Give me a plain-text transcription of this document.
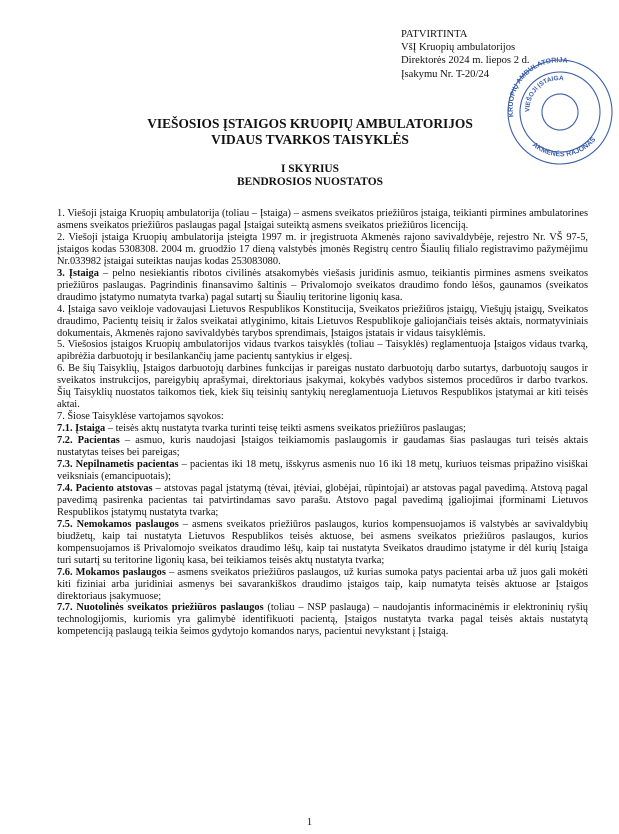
PATVIRTINTA
VšĮ Kruopių ambulatorijos
Direktorės 2024 m. liepos 2 d.
Įsakymu Nr. T-20/24
KRUOPIŲ AMBULATORIJA
VIEŠOJI ĮSTAIGA
AKMENĖS RAJONAS
VIEŠOSIOS ĮSTAIGOS KRUOPIŲ AMBULATORIJOS
VIDAUS TVARKOS TAISYKLĖS
I SKYRIUS
BENDROSIOS NUOSTATOS

1. Viešoji įstaiga Kruopių ambulatorija (toliau – Įstaiga) – asmens sveikatos priežiūros įstaiga, teikianti pirmines ambulatorines asmens sveikatos priežiūros paslaugas pagal Įstaigai suteiktą asmens sveikatos priežiūros licenciją.

2. Viešoji įstaiga Kruopių ambulatorija įsteigta 1997 m. ir įregistruota Akmenės rajono savivaldybėje, rejestro Nr. VŠ 97-5, įstaigos kodas 5308308. 2004 m. gruodžio 17 dieną valstybės įmonės Registrų centro Šiaulių filialo registravimo pažymėjimu Nr.033982 įstaigai suteiktas naujas kodas 253083080.

3. Įstaiga – pelno nesiekiantis ribotos civilinės atsakomybės viešasis juridinis asmuo, teikiantis pirmines asmens sveikatos priežiūros paslaugas. Pagrindinis finansavimo šaltinis – Privalomojo sveikatos draudimo fondo lėšos, gaunamos (sveikatos draudimo įstatymo numatyta tvarka) pagal sutartį su Šiaulių teritorine ligonių kasa.

4. Įstaiga savo veikloje vadovaujasi Lietuvos Respublikos Konstitucija, Sveikatos priežiūros įstaigų, Viešųjų įstaigų, Sveikatos draudimo, Pacientų teisių ir žalos sveikatai atlyginimo, kitais Lietuvos Respublikoje galiojančiais teisės aktais, normatyviniais dokumentais, Akmenės rajono savivaldybės tarybos sprendimais, Įstaigos įstatais ir vidaus taisyklėmis.

5. Viešosios įstaigos Kruopių ambulatorijos vidaus tvarkos taisyklės (toliau – Taisyklės) reglamentuoja Įstaigos vidaus tvarką, apibrėžia darbuotojų ir besilankančių jame pacientų santykius ir elgesį.

6. Be šių Taisyklių, Įstaigos darbuotojų darbines funkcijas ir pareigas nustato darbuotojų darbo sutartys, darbuotojų saugos ir sveikatos instrukcijos, pareigybių aprašymai, direktoriaus įsakymai, kokybės vadybos sistemos procedūros ir darbo tvarkos. Šių Taisyklių nuostatos taikomos tiek, kiek šių teisinių santykių nereglamentuoja Lietuvos Respublikos įstatymai ar kiti teisės aktai.

7. Šiose Taisyklėse vartojamos sąvokos:

7.1. Įstaiga – teisės aktų nustatyta tvarka turinti teisę teikti asmens sveikatos priežiūros paslaugas;

7.2. Pacientas – asmuo, kuris naudojasi Įstaigos teikiamomis paslaugomis ir gaudamas šias paslaugas turi teisės aktais nustatytas teises bei pareigas;

7.3. Nepilnametis pacientas – pacientas iki 18 metų, išskyrus asmenis nuo 16 iki 18 metų, kuriuos teismas pripažino visiškai veiksniais (emancipuotais);

7.4. Paciento atstovas – atstovas pagal įstatymą (tėvai, įtėviai, globėjai, rūpintojai) ar atstovas pagal pavedimą. Atstovą pagal pavedimą pasirenka pacientas tai patvirtindamas savo parašu. Atstovo pagal pavedimą įgaliojimai įforminami Lietuvos Respublikos įstatymų nustatyta tvarka;

7.5. Nemokamos paslaugos – asmens sveikatos priežiūros paslaugos, kurios kompensuojamos iš valstybės ar savivaldybių biudžetų, kaip tai nustatyta Lietuvos Respublikos teisės aktuose, bei asmens sveikatos priežiūros paslaugos, kurios kompensuojamos iš Privalomojo sveikatos draudimo lėšų, kaip tai nustatyta Sveikatos draudimo įstatyme ir dėl kurių Įstaiga turi sutartį su teritorine ligonių kasa, bei teikiamos teisės aktų nustatyta tvarka;

7.6. Mokamos paslaugos – asmens sveikatos priežiūros paslaugos, už kurias sumoka patys pacientai arba už juos gali mokėti kiti fiziniai arba juridiniai asmenys bei savarankiškos draudimo įstaigos taip, kaip numatyta teisės aktuose ar Įstaigos direktoriaus įsakymuose;

7.7. Nuotolinės sveikatos priežiūros paslaugos (toliau – NSP paslauga) – naudojantis informacinėmis ir elektroninių ryšių technologijomis, kuriomis yra galimybė identifikuoti pacientą, Įstaigos nustatyta tvarka pagal teisės aktais nustatytą kompetenciją paslaugą teikia šeimos gydytojo komandos narys, pacientui nevykstant į Įstaigą.

1
